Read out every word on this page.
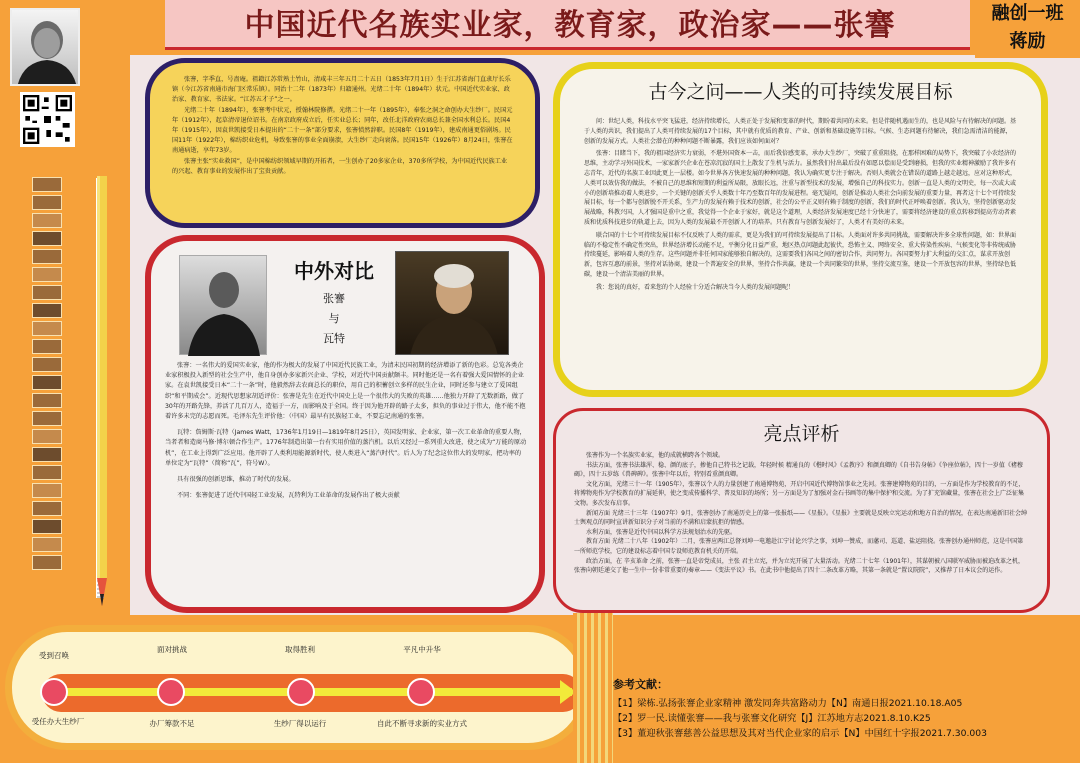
中国近代名族实业家，教育家，政治家——张謇	融创一班
蒋励

张謇，字季直，号啬庵。祖籍江苏常熟土竹山，清咸丰三年五月二十五日（1853年7月1日）生于江苏省海门直隶厅长乐镇（今江苏省南通市海门区常乐镇）。同治十二年（1873年）归籍通州。光绪二十年（1894年）状元。中国近代实业家、政治家、教育家、书法家。“江苏五才子”之一。

光绪二十年（1894年），张謇考中状元，授翰林院修撰。光绪二十一年（1895年），奉张之洞之命创办大生纱厂。民国元年（1912年），起草清帝退位诏书。在南京政府成立后，任实业总长；同年，改任北洋政府农商总长兼全国水利总长。民国4年（1915年），因袁世凯接受日本提出的“二十一条”部分要求，张謇愤然辞职。民国8年（1919年），建成南通更俗剧场。民国11年（1922年），棉纺织业危机，导致张謇的事业全面崩溃，大生纱厂走向衰落。民国15年（1926年）8月24日，张謇在南通病逝，享年73岁。

张謇主张“实业救国”，是中国棉纺织领域早期的开拓者，一生创办了20多家企业，370多所学校，为中国近代民族工业的兴起、教育事业的发展作出了宝贵贡献。

中外对比
张謇
与
瓦特

张謇：一名伟大的爱国实业家，他的作为极大的发展了中国近代民族工业，为清末民国初期的经济增添了新的色彩。总览各类企业家积极投入新型的社会生产中，他自身创办多家新兴企业、学校，对近代中国贡献颇丰。同时他还是一名有着强大爱国情怀的企业家。在袁世凯接受日本“二十一条”时，他毅然辞去农商总长的职位，用自己的积蓄创立多样的民生企业，同时还参与建立了爱国组织“和平期成会”。近现代思想家胡适评价：张謇是先生在近代中国史上是一个很伟大的失败的英雄……他独力开辟了无数新路，做了30年的开路先锋，养活了几百万人，造福于一方，而影响及于全国。终于因为他开辟的路子太多，担负的事业过于伟大，他不能不抱着许多未完的志愿而死。毛泽东先生评价他：（中国）最早有民族轻工业，不要忘记南通的张謇。

瓦特：詹姆斯·瓦特（James Watt，1736年1月19日—1819年8月25日），英国发明家、企业家，第一次工业革命的重要人物，当者者和造商马修·博尔顿合作生产。1776年制造出第一台有实用价值的蒸汽机。以后又经过一系列重大改进，使之成为“万能的原动机”，在工业上得到广泛应用。他开辟了人类利用能源新时代，使人类进入“蒸汽时代”。后人为了纪念这位伟大的发明家，把功率的单位定为“瓦特”（简称“瓦”，符号W）。

具有很强的创新思维，推动了时代的发展。

不同：张謇促进了近代中国轻工业发展，瓦特利为工业革命的发展作出了极大贡献

古今之问——人类的可持续发展目标

问：世纪人类，科技水平突飞猛进，经济持续增长，人类正处于发展和变革的时代，期盼着共同的未来。但是伴随机遇而生的，也是风险与有待解决的问题。基于人类的共识，我们提出了人类可持续发展的17个目标，其中就有优质的教育、产业、创新和基础设施等目标。气候、生态问题有待解决，我们急需清洁的能源，创新的发展方式。人类社会潜在的种种问题不断暴露，我们应该如何面对？

张謇：目睹当下，我的祖国经济实力衰弱，不堪外国资本一击，而后我倍感变革，承办大生纱厂，突破了重重阻挠，在那样困难的局势下，我突破了小农经济的思维，主动学习外国技术，一家家新兴企业在苍凉沉寂的国土上散发了生机与活力。虽然我们付出最后没有如愿以偿而是受到磨损，但我的实业精神激励了我许多有志青年，近代的名族工业因此更上一层楼。如今世界各方快速发展的种种问题，我认为确实更专注于解决。否则人类就会在错误的道路上越走越远，应对这种形式，人类可以效仿我的做法，不被自己的思维和短期的利益所局限，放眼长远，注重与新型技术的发展，增强自己的科技实力。创新一直是人类的文明史，每一次或大或小的创新培推动着人类进步，一个关键的创新关乎人类数十年乃至数百年的发展进程。毫无疑问，创新是推动人类社会向前发展的重要力量，再者这十七个可持续发展目标，每一个都与创新脱不开关系，生产力的发展有赖于技术的创新，社会的公平正义则有赖于制度的创新，我们的时代正呼唤着创新。我认为，坚持创新驱动发展战略，科教兴国，人才强国是重中之重，我觉得一个企业于家好，就是这个道理，人类经济发展速度已经十分快速了，需要将经济建设的重点转移到提高劳动者素质和优质科技进步的轨道上去，因为人类的发展最不开创新人才的培养。只有教育与创新发展好了，人类才有美好的未来。

联合国的十七个可持续发展目标不仅反映了人类的需求，更是为我们的可持续发展提出了目标。人类面对许多共同挑战，需要解决许多全球性问题，如：世界面临的不稳定性不确定性突出，世界经济增长动能不足，平衡分化日益严重，地区热点问题此起彼伏，恐怖主义、网络安全、重大传染性疾病、气候变化等非传统威胁持续蔓延，影响着人类的生存。这些问题并非任何国家能够独自解决的，这需要我们各国之间的密切合作，共同努力。各国要努力扩大利益的交汇点，谋求开放创新，包容互惠的前景，坚持对话协商，建设一个普遍安全的世界，坚持合作共赢，建设一个共同繁荣的世界，坚持交流互鉴，建设一个开放包容的世界，坚持绿色低碳，建设一个清洁美丽的世界。

我：您说的真好，看来您的个人经验十分适合解决当今人类的发展问题呢！

亮点评析

张謇作为一个名族实业家，他的成就横跨各个领域。

书法方面，张謇书法雄浑、稳、颜的底子，掺他自己特书之记载，年轻时候 精通良的《楷时风》《孟教序》和颜真卿的《自书告身帖》《争座位帖》，四十一岁值《褚穆碣》，四十五岁练《兽碑碑》。张謇中年以后，特别看重颜真卿。

文化方面，光绪三十一年（1905年），张謇以个人的力量创建了南通博物苑，开启中国近代博物馆事业之先河。张謇建博物苑的目的，一方面是作为学校教育的不足，将博物苑作为学校教育的扩展延伸，使之变成传播科学、普及知识的场所；另一方面是为了加强对金石书画等的集中保护和交流。为了扩充馆藏量，张謇在社会上广泛征集文物。多次发布启事。

新闻方面 光绪三十三年（1907年）9月，张謇创办了南通历史上的第一张报纸——《星报》。《星报》主要就是反映立宪运动和地方自治的情况，在表达南通新旧社会绅士舆观点的同时宣讲新知识分子对当前的不满和启蒙抗拒的情感。

水利方面，张謇是近代中国以科学方法规划治水的先驱。

教育方面 光绪二十八年（1902年）二月，张謇应两江总督刘坤一电邀赴江宁讨论兴学之事，刘坤一赞成，而藩司、巡道、盐运阻挠。张謇创办通州师范，这是中国第一所师范学校，它的建设标志着中国专设师范教育机关的开端。

政治方面，在 辛亥革命 之前，张謇一直是帝党成员，主张 君主立宪，并为立宪开展了大量活动。光绪二十七年（1901年），其谋朝被八国联军威胁而被迫改革之机，张謇向朝廷递交了他一生中一份非常重要的奏章——《变法平议》书。在此书中他提出了四十二条改革方略，其第一条就是“置议院院”，又推荐了日本议会的运作。

受到召唤
面对挑战	取得胜利	平凡中升华
受任办大生纱厂	办厂筹款不足	生纱厂得以运行	自此不断寻求新的实业方式
参考文献：
【1】梁栋.弘扬张謇企业家精神 激发同奔共富路动力【N】南通日报2021.10.18.A05
【2】罗一民.读懂张謇——我与张謇文化研究【J】江苏地方志2021.8.10.K25
【3】董迎秋张謇慈善公益思想及其对当代企业家的启示【N】中国红十字报2021.7.30.003
